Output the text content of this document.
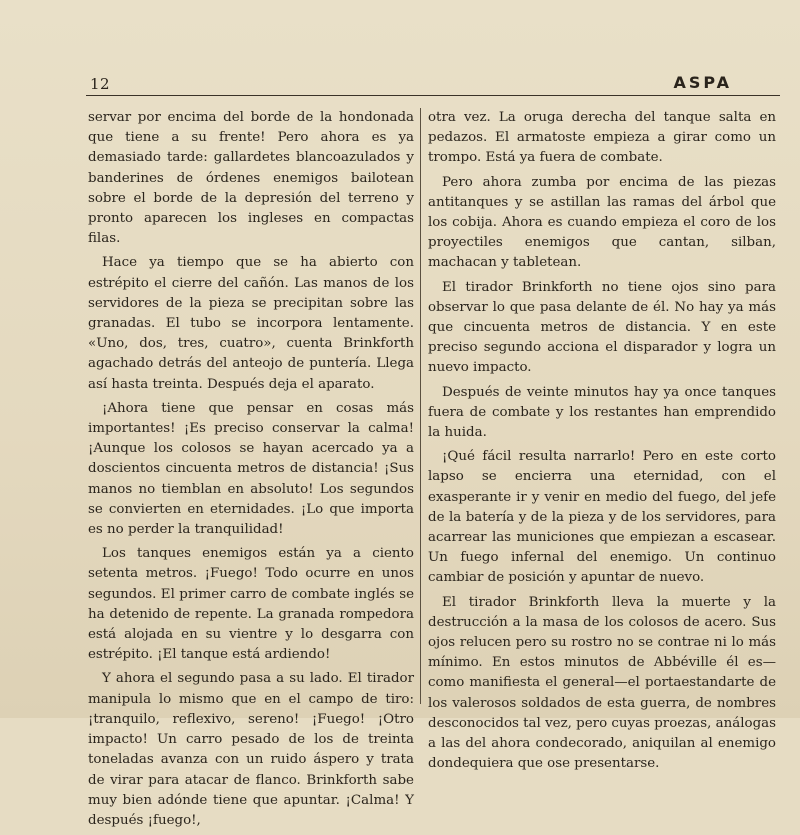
12	ASPA

servar por encima del borde de la hondonada que tiene a su frente! Pero ahora es ya demasiado tarde: gallardetes blancoazulados y banderines de órdenes enemigos bailotean sobre el borde de la depresión del terreno y pronto aparecen los ingleses en compactas filas.

Hace ya tiempo que se ha abierto con estrépito el cierre del cañón. Las manos de los servidores de la pieza se precipitan sobre las granadas. El tubo se incorpora lentamente. «Uno, dos, tres, cuatro», cuenta Brinkforth agachado detrás del anteojo de puntería. Llega así hasta treinta. Después deja el aparato.

¡Ahora tiene que pensar en cosas más importantes! ¡Es preciso conservar la calma! ¡Aunque los colosos se hayan acercado ya a doscientos cincuenta metros de distancia! ¡Sus manos no tiemblan en absoluto! Los segundos se convierten en eternidades. ¡Lo que importa es no perder la tranquilidad!

Los tanques enemigos están ya a ciento setenta metros. ¡Fuego! Todo ocurre en unos segundos. El primer carro de combate inglés se ha detenido de repente. La granada rompedora está alojada en su vientre y lo desgarra con estrépito. ¡El tanque está ardiendo!

Y ahora el segundo pasa a su lado. El tirador manipula lo mismo que en el campo de tiro: ¡tranquilo, reflexivo, sereno! ¡Fuego! ¡Otro impacto! Un carro pesado de los de treinta toneladas avanza con un ruido áspero y trata de virar para atacar de flanco. Brinkforth sabe muy bien adónde tiene que apuntar. ¡Calma! Y después ¡fuego!,

otra vez. La oruga derecha del tanque salta en pedazos. El armatoste empieza a girar como un trompo. Está ya fuera de combate.

Pero ahora zumba por encima de las piezas antitanques y se astillan las ramas del árbol que los cobija. Ahora es cuando empieza el coro de los proyectiles enemigos que cantan, silban, machacan y tabletean.

El tirador Brinkforth no tiene ojos sino para observar lo que pasa delante de él. No hay ya más que cincuenta metros de distancia. Y en este preciso segundo acciona el disparador y logra un nuevo impacto.

Después de veinte minutos hay ya once tanques fuera de combate y los restantes han emprendido la huida.

¡Qué fácil resulta narrarlo! Pero en este corto lapso se encierra una eternidad, con el exasperante ir y venir en medio del fuego, del jefe de la batería y de la pieza y de los servidores, para acarrear las municiones que empiezan a escasear. Un fuego infernal del enemigo. Un continuo cambiar de posición y apuntar de nuevo.

El tirador Brinkforth lleva la muerte y la destrucción a la masa de los colosos de acero. Sus ojos relucen pero su rostro no se contrae ni lo más mínimo. En estos minutos de Abbéville él es—como manifiesta el general—el portaestandarte de los valerosos soldados de esta guerra, de nombres desconocidos tal vez, pero cuyas proezas, análogas a las del ahora condecorado, aniquilan al enemigo dondequiera que ose presentarse.
